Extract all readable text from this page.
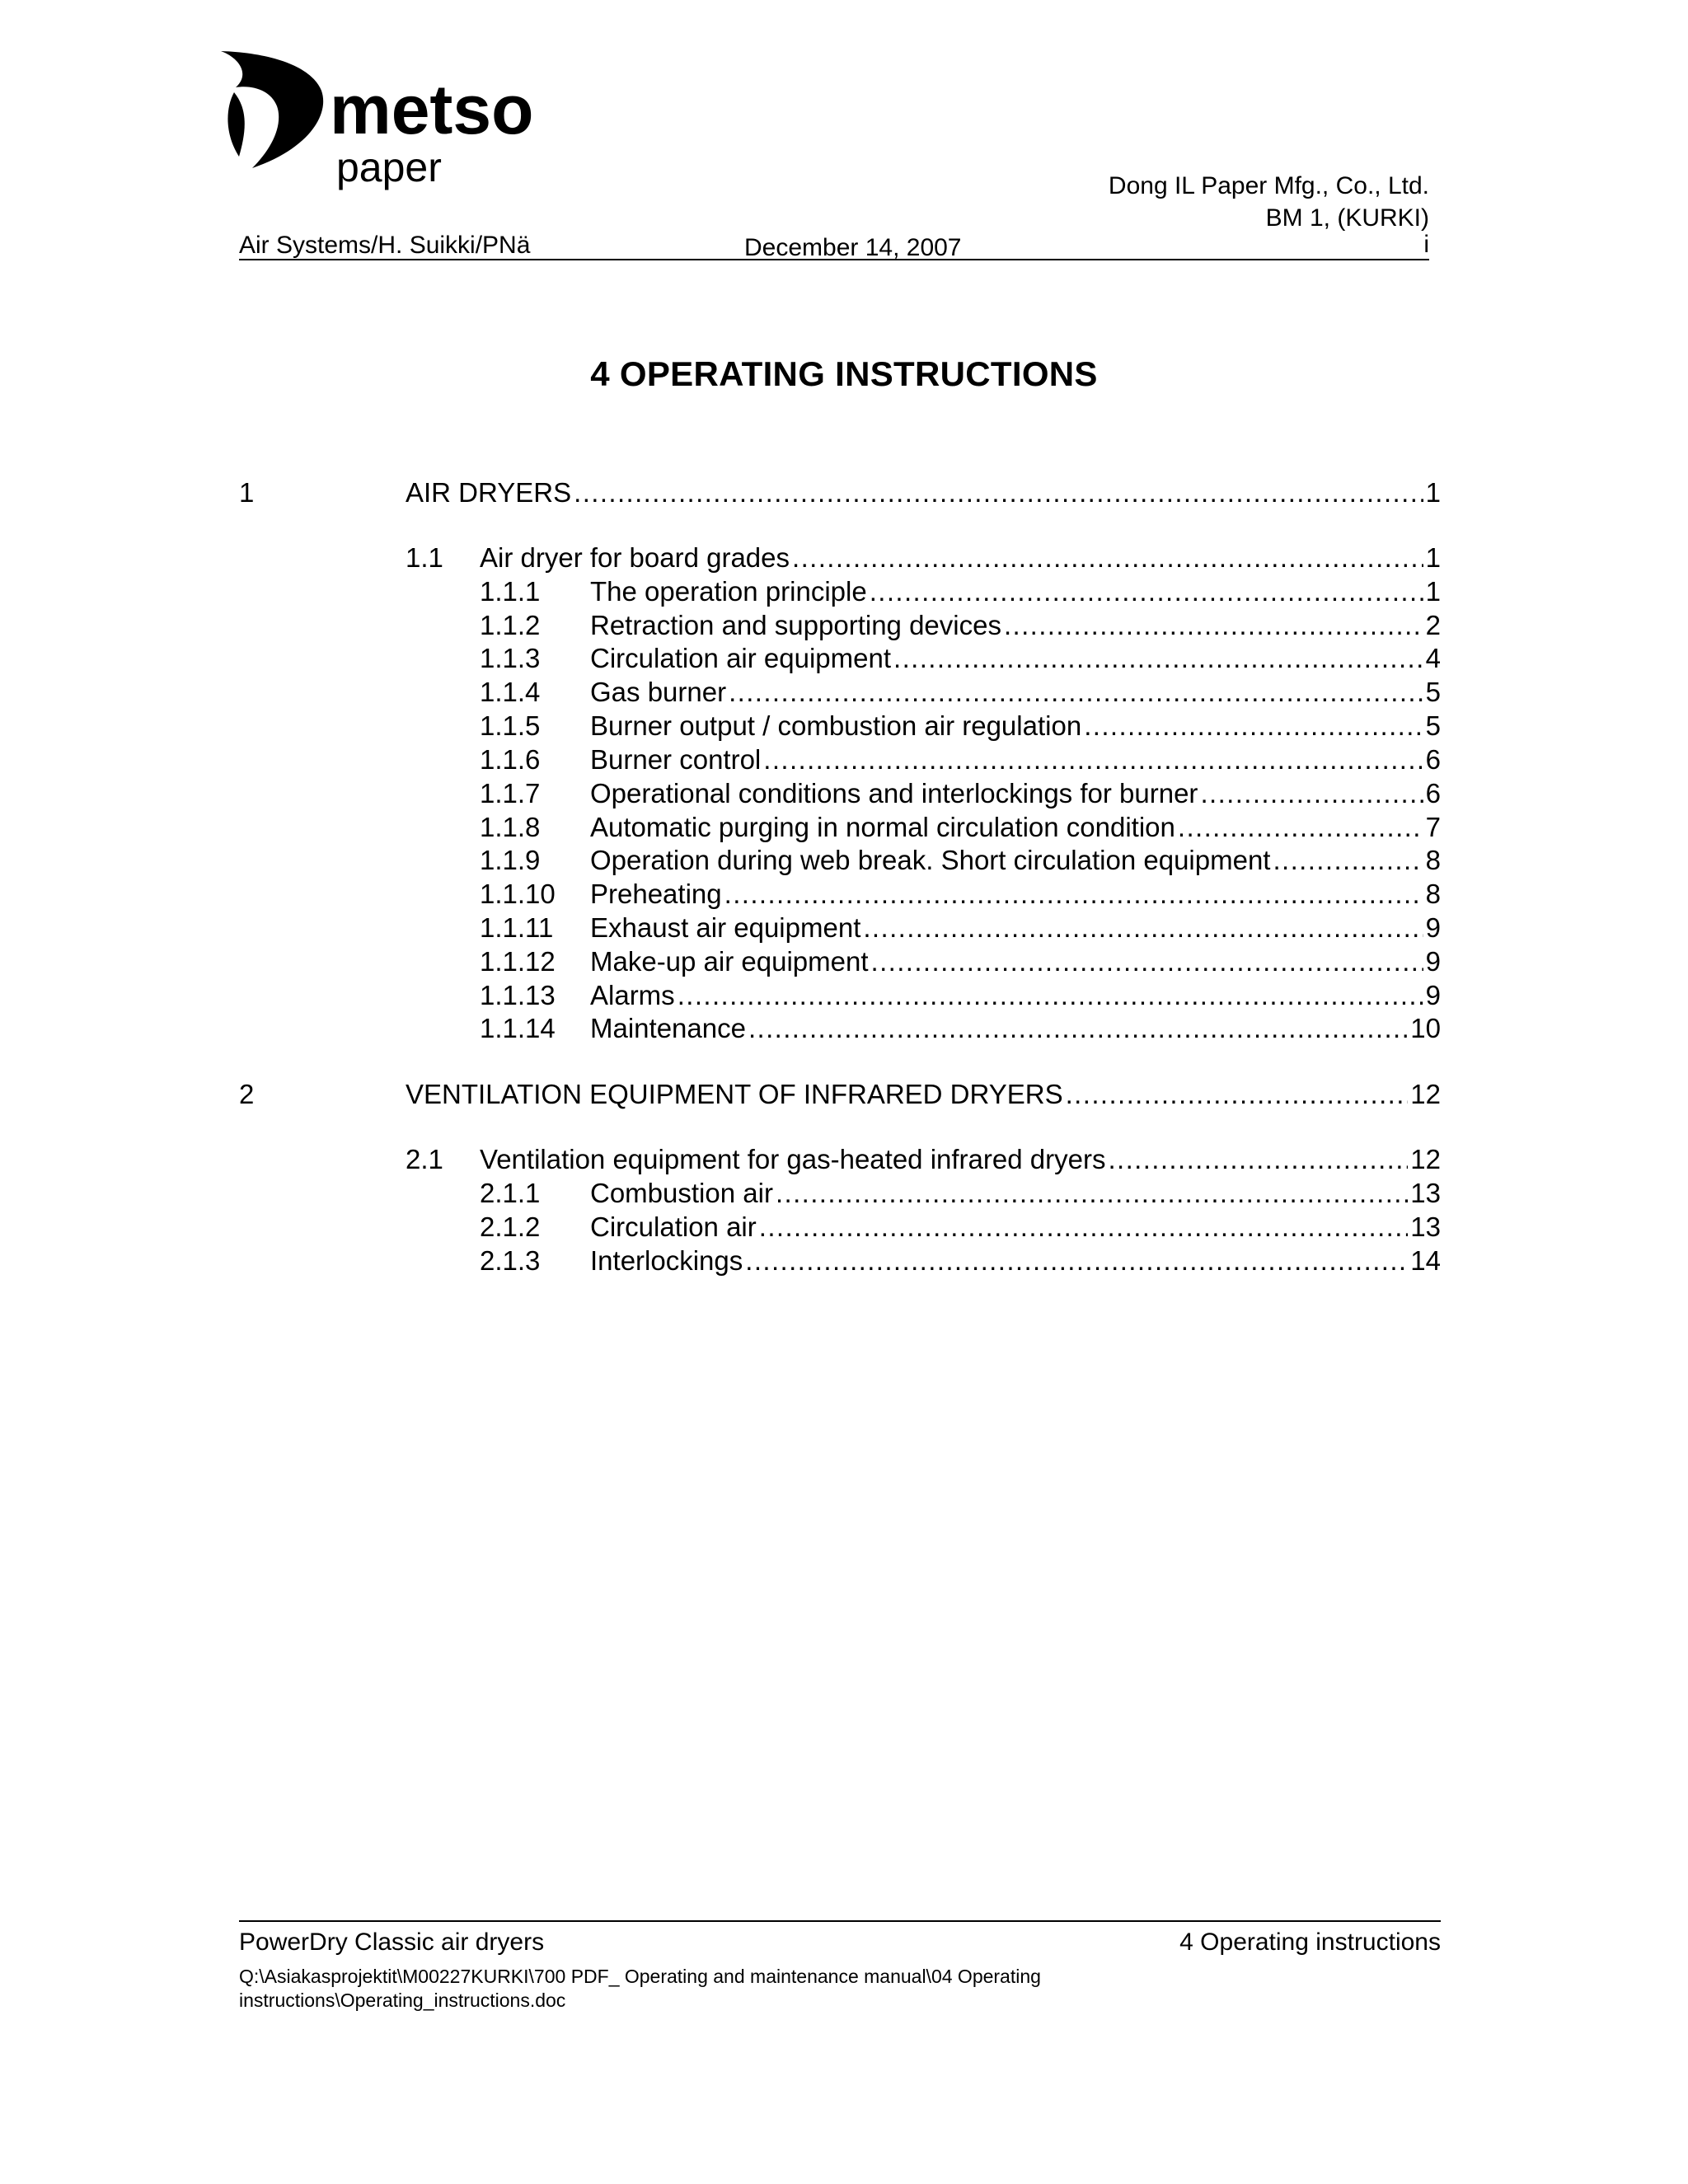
metso
paper	Dong IL Paper Mfg., Co., Ltd.
BM 1, (KURKI)
Air Systems/H. Suikki/PNä	December 14, 2007	i
4 OPERATING INSTRUCTIONS
1	AIR DRYERS .....	1
1.1 Air dryer for board grades .....	1
1.1.1 The operation principle .....	1
1.1.2 Retraction and supporting devices .....	2
1.1.3 Circulation air equipment .....	4
1.1.4 Gas burner .....	5
1.1.5 Burner output / combustion air regulation .....	5
1.1.6 Burner control .....	6
1.1.7 Operational conditions and interlockings for burner .....	6
1.1.8 Automatic purging in normal circulation condition .....	7
1.1.9 Operation during web break. Short circulation equipment .....	8
1.1.10 Preheating .....	8
1.1.11 Exhaust air equipment .....	9
1.1.12 Make-up air equipment .....	9
1.1.13 Alarms .....	9
1.1.14 Maintenance .....	10
2	VENTILATION EQUIPMENT OF INFRARED DRYERS .....	12
2.1 Ventilation equipment for gas-heated infrared dryers .....	12
2.1.1 Combustion air .....	13
2.1.2 Circulation air .....	13
2.1.3 Interlockings .....	14
PowerDry Classic air dryers	4 Operating instructions
Q:\Asiakasprojektit\M00227KURKI\700 PDF_ Operating and maintenance manual\04 Operating instructions\Operating_instructions.doc
